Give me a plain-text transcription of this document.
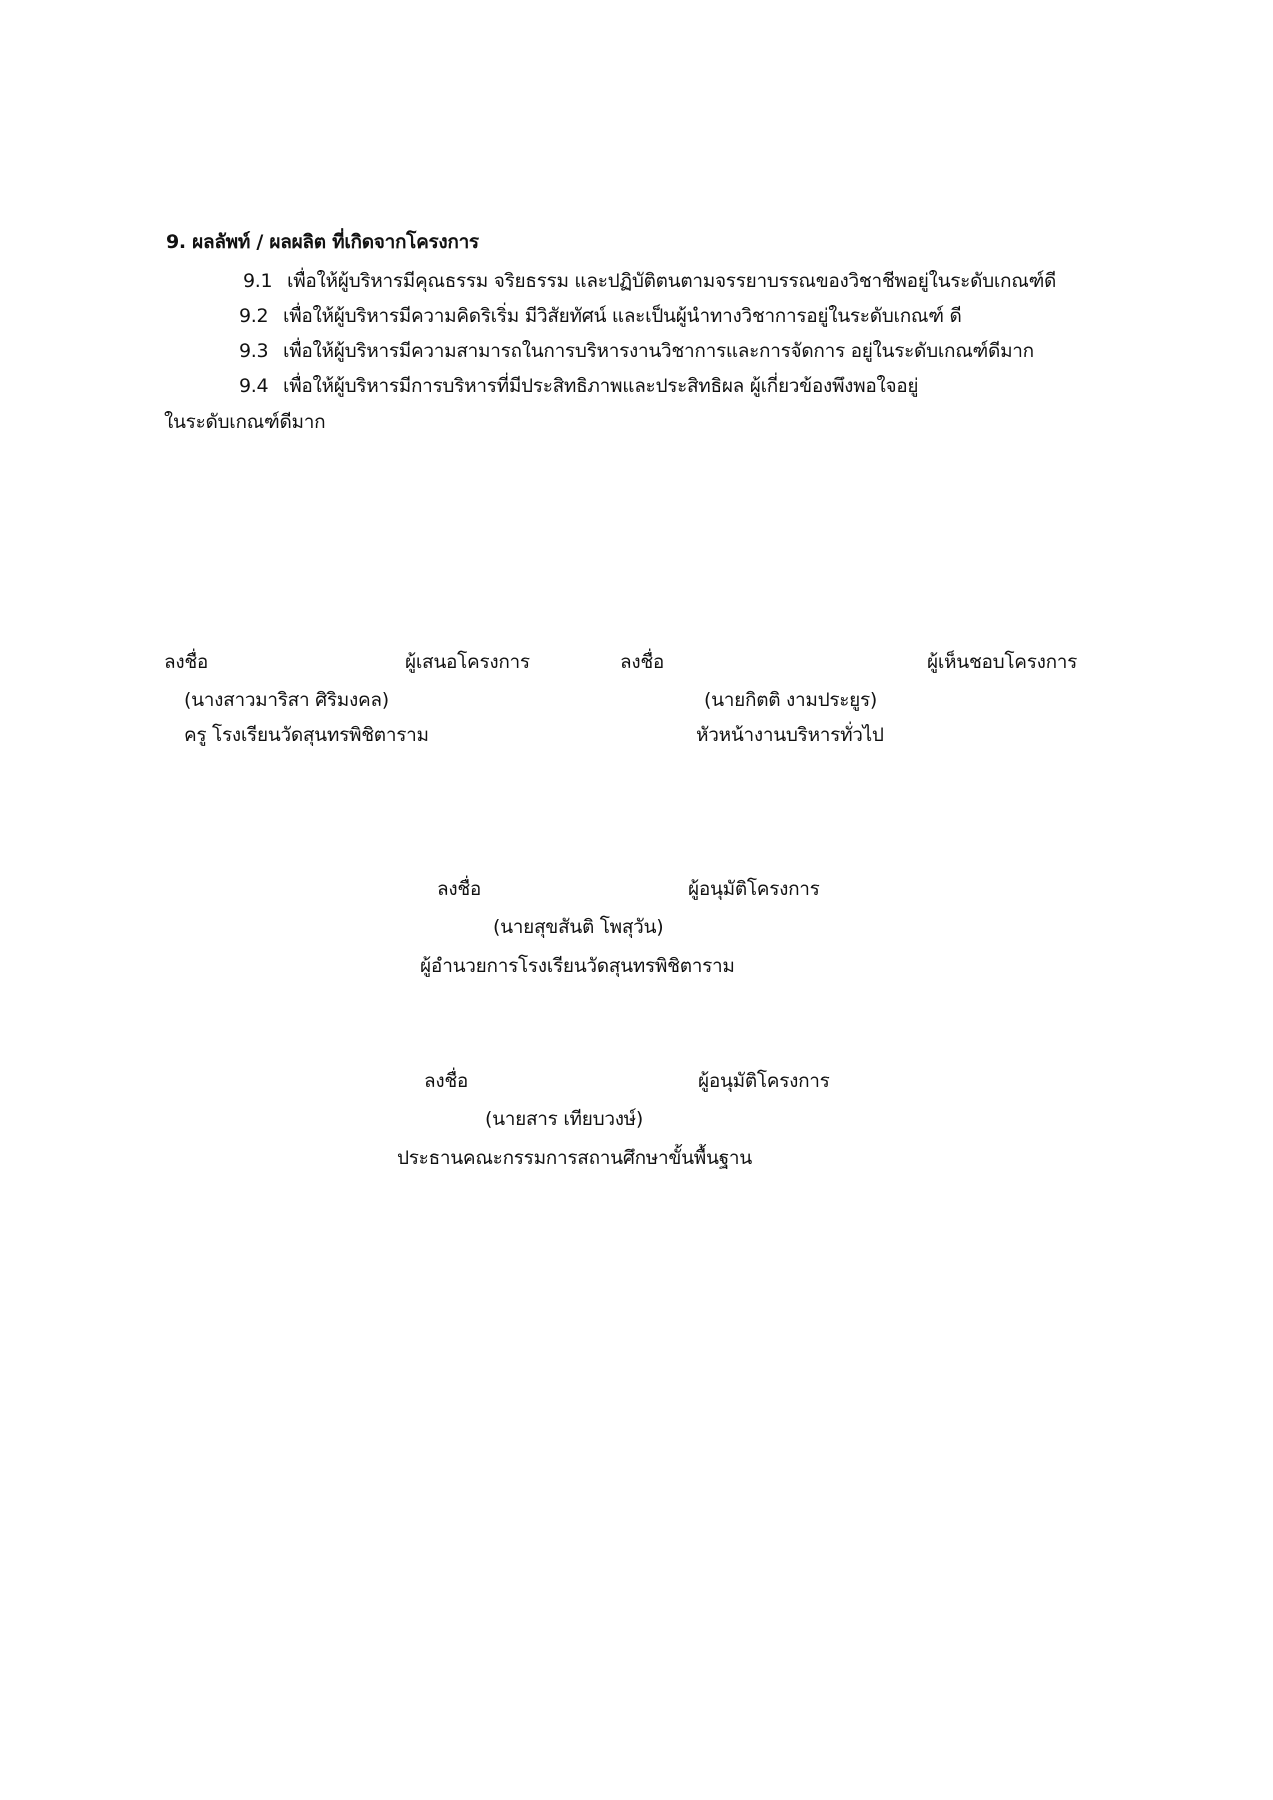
9. ผลลัพท์ / ผลผลิต ที่เกิดจากโครงการ
9.1 เพื่อให้ผู้บริหารมีคุณธรรม จริยธรรม และปฏิบัติตนตามจรรยาบรรณของวิชาชีพอยู่ในระดับเกณฑ์ดี
9.2 เพื่อให้ผู้บริหารมีความคิดริเริ่ม มีวิสัยทัศน์ และเป็นผู้นำทางวิชาการอยู่ในระดับเกณฑ์ ดี
9.3 เพื่อให้ผู้บริหารมีความสามารถในการบริหารงานวิชาการและการจัดการ อยู่ในระดับเกณฑ์ดีมาก
9.4 เพื่อให้ผู้บริหารมีการบริหารที่มีประสิทธิภาพและประสิทธิผล ผู้เกี่ยวข้องพึงพอใจอยู่
ในระดับเกณฑ์ดีมาก
ลงชื่อ	ผู้เสนอโครงการ
(นางสาวมาริสา ศิริมงคล)
ครู โรงเรียนวัดสุนทรพิชิตาราม
ลงชื่อ	ผู้เห็นชอบโครงการ
(นายกิตติ งามประยูร)
หัวหน้างานบริหารทั่วไป
ลงชื่อ	ผู้อนุมัติโครงการ
(นายสุขสันติ โพสุวัน)
ผู้อำนวยการโรงเรียนวัดสุนทรพิชิตาราม
ลงชื่อ	ผู้อนุมัติโครงการ
(นายสาร เทียบวงษ์)
ประธานคณะกรรมการสถานศึกษาขั้นพื้นฐาน
